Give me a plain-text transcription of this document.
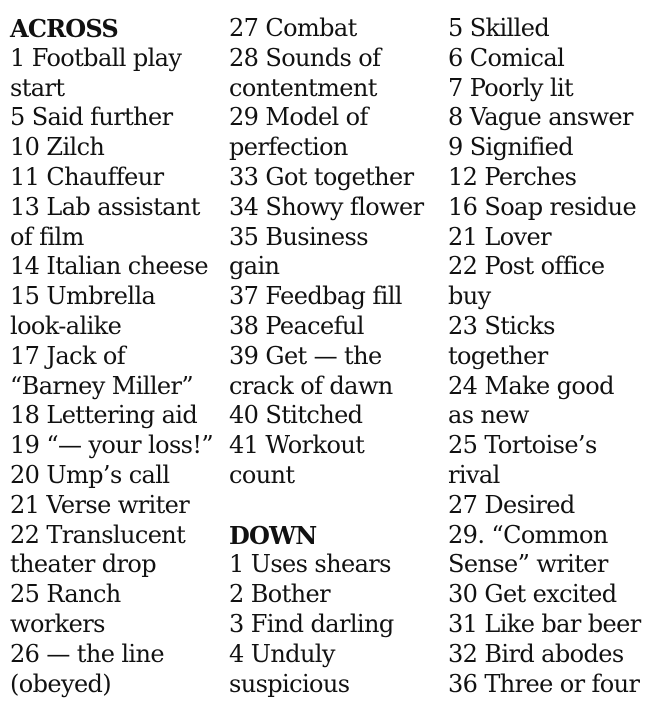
ACROSS
1 Football play
start
5 Said further
10 Zilch
11 Chauffeur
13 Lab assistant
of film
14 Italian cheese
15 Umbrella
look-alike
17 Jack of
“Barney Miller”
18 Lettering aid
19 “— your loss!”
20 Ump’s call
21 Verse writer
22 Translucent
theater drop
25 Ranch
workers
26 — the line
(obeyed)
27 Combat
28 Sounds of
contentment
29 Model of
perfection
33 Got together
34 Showy flower
35 Business
gain
37 Feedbag fill
38 Peaceful
39 Get — the
crack of dawn
40 Stitched
41 Workout
count
DOWN
1 Uses shears
2 Bother
3 Find darling
4 Unduly
suspicious
5 Skilled
6 Comical
7 Poorly lit
8 Vague answer
9 Signified
12 Perches
16 Soap residue
21 Lover
22 Post office
buy
23 Sticks
together
24 Make good
as new
25 Tortoise’s
rival
27 Desired
29. “Common
Sense” writer
30 Get excited
31 Like bar beer
32 Bird abodes
36 Three or four
